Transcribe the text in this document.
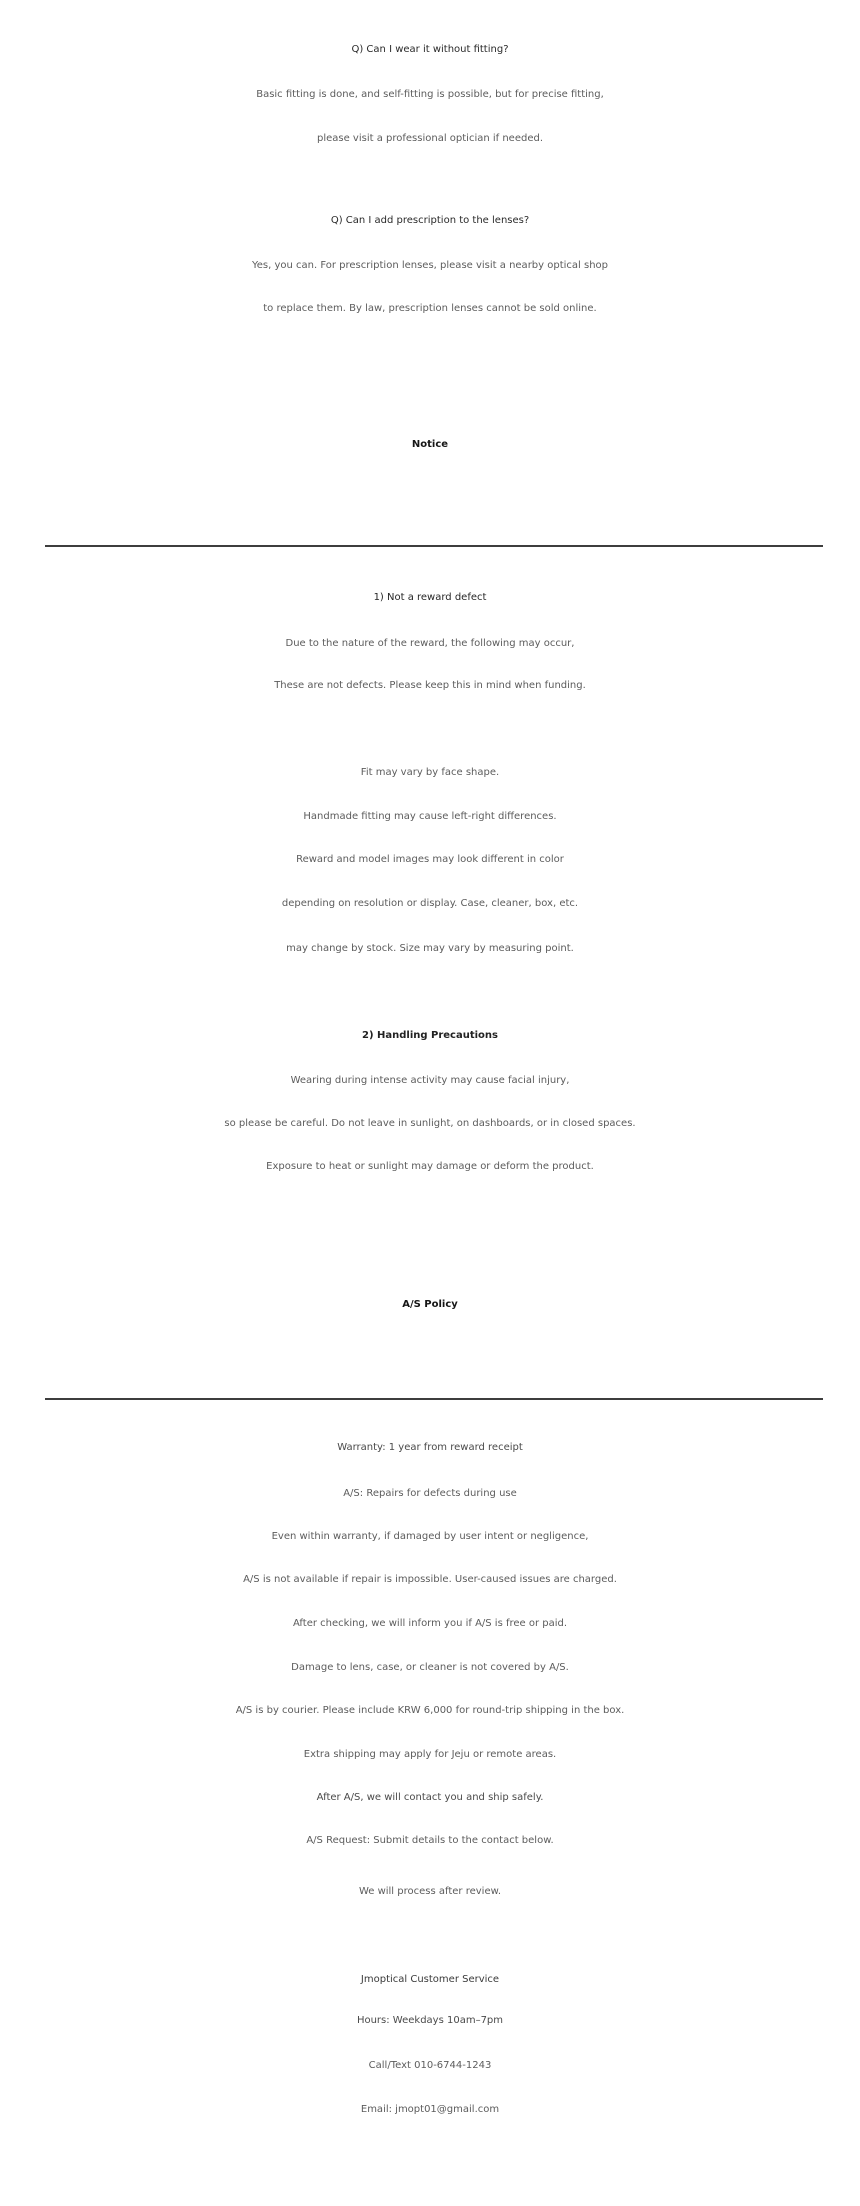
Q) Can I wear it without fitting?
Basic fitting is done, and self-fitting is possible, but for precise fitting,
please visit a professional optician if needed.
Q) Can I add prescription to the lenses?
Yes, you can. For prescription lenses, please visit a nearby optical shop
to replace them. By law, prescription lenses cannot be sold online.
Notice
1) Not a reward defect
Due to the nature of the reward, the following may occur,
These are not defects. Please keep this in mind when funding.
Fit may vary by face shape.
Handmade fitting may cause left-right differences.
Reward and model images may look different in color
depending on resolution or display. Case, cleaner, box, etc.
may change by stock. Size may vary by measuring point.
2) Handling Precautions
Wearing during intense activity may cause facial injury,
so please be careful. Do not leave in sunlight, on dashboards, or in closed spaces.
Exposure to heat or sunlight may damage or deform the product.
A/S Policy
Warranty: 1 year from reward receipt
A/S: Repairs for defects during use
Even within warranty, if damaged by user intent or negligence,
A/S is not available if repair is impossible. User-caused issues are charged.
After checking, we will inform you if A/S is free or paid.
Damage to lens, case, or cleaner is not covered by A/S.
A/S is by courier. Please include KRW 6,000 for round-trip shipping in the box.
Extra shipping may apply for Jeju or remote areas.
After A/S, we will contact you and ship safely.
A/S Request: Submit details to the contact below.
We will process after review.
Jmoptical Customer Service
Hours: Weekdays 10am–7pm
Call/Text 010-6744-1243
Email: jmopt01@gmail.com
